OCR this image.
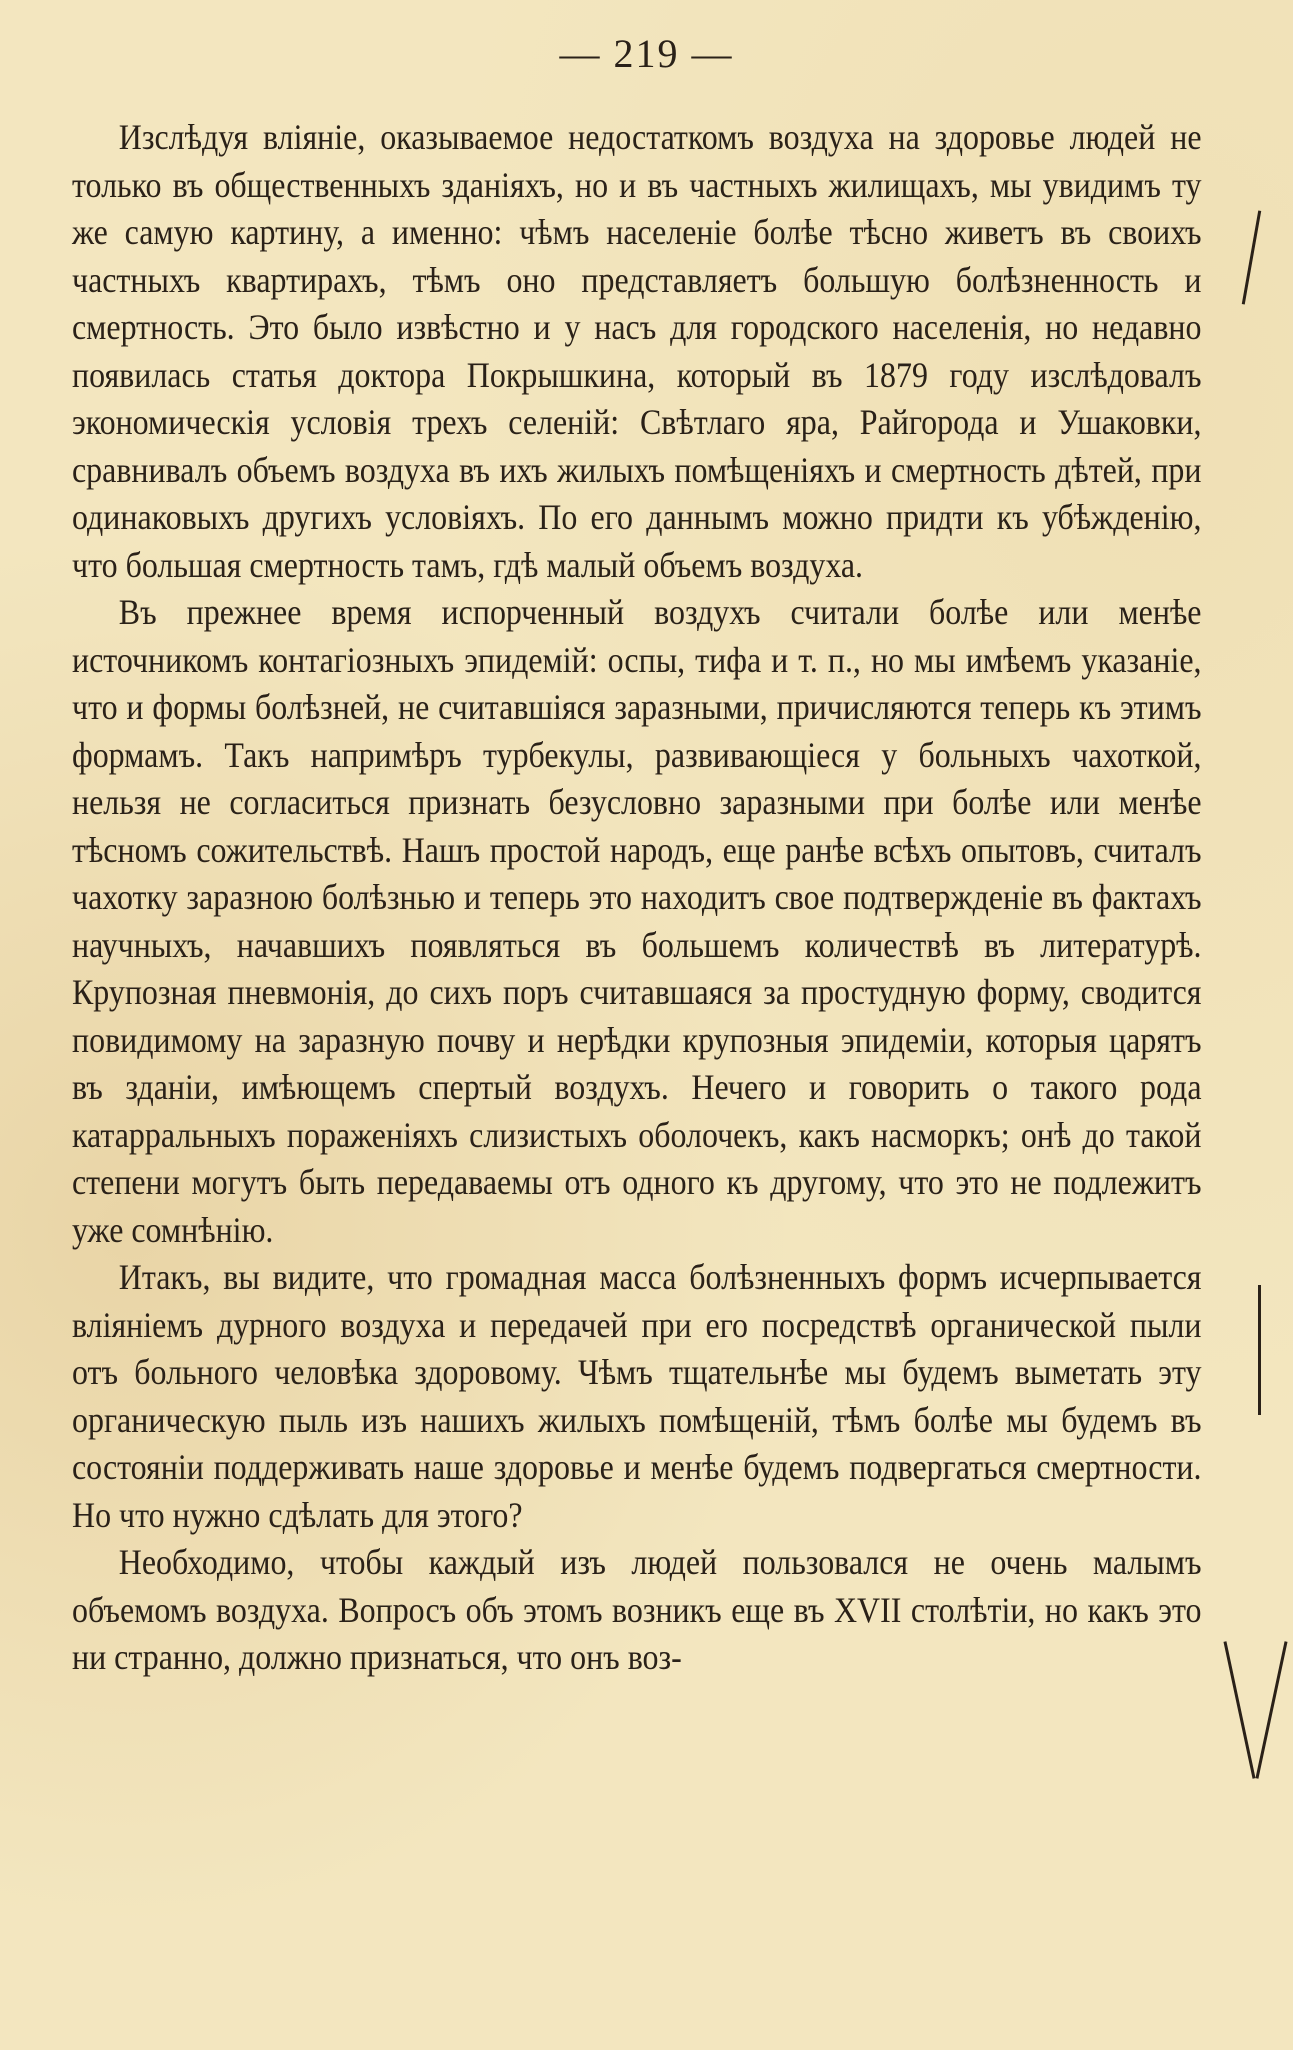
— 219 —

Изслѣдуя вліяніе, оказываемое недостаткомъ воздуха на здоровье людей не только въ общественныхъ зданіяхъ, но и въ частныхъ жилищахъ, мы увидимъ ту же самую картину, а именно: чѣмъ населеніе болѣе тѣсно живетъ въ своихъ частныхъ квартирахъ, тѣмъ оно представляетъ большую болѣзненность и смертность. Это было извѣстно и у насъ для городского населенія, но недавно появилась статья доктора Покрышкина, который въ 1879 году изслѣдовалъ экономическія условія трехъ селеній: Свѣтлаго яра, Райгорода и Ушаковки, сравнивалъ объемъ воздуха въ ихъ жилыхъ помѣщеніяхъ и смертность дѣтей, при одинаковыхъ другихъ условіяхъ. По его даннымъ можно придти къ убѣжденію, что большая смертность тамъ, гдѣ малый объемъ воздуха.

Въ прежнее время испорченный воздухъ считали болѣе или менѣе источникомъ контагіозныхъ эпидемій: оспы, тифа и т. п., но мы имѣемъ указаніе, что и формы болѣзней, не считавшіяся заразными, причисляются теперь къ этимъ формамъ. Такъ напримѣръ турбекулы, развивающіеся у больныхъ чахоткой, нельзя не согласиться признать безусловно заразными при болѣе или менѣе тѣсномъ сожительствѣ. Нашъ простой народъ, еще ранѣе всѣхъ опытовъ, считалъ чахотку заразною болѣзнью и теперь это находитъ свое подтвержденіе въ фактахъ научныхъ, начавшихъ появляться въ большемъ количествѣ въ литературѣ. Крупозная пневмонія, до сихъ поръ считавшаяся за простудную форму, сводится повидимому на заразную почву и нерѣдки крупозныя эпидеміи, которыя царятъ въ зданіи, имѣющемъ спертый воздухъ. Нечего и говорить о такого рода катарральныхъ пораженіяхъ слизистыхъ оболочекъ, какъ насморкъ; онѣ до такой степени могутъ быть передаваемы отъ одного къ другому, что это не подлежитъ уже сомнѣнію.

Итакъ, вы видите, что громадная масса болѣзненныхъ формъ исчерпывается вліяніемъ дурного воздуха и передачей при его посредствѣ органической пыли отъ больного человѣка здоровому. Чѣмъ тщательнѣе мы будемъ выметать эту органическую пыль изъ нашихъ жилыхъ помѣщеній, тѣмъ болѣе мы будемъ въ состояніи поддерживать наше здоровье и менѣе будемъ подвергаться смертности. Но что нужно сдѣлать для этого?

Необходимо, чтобы каждый изъ людей пользовался не очень малымъ объемомъ воздуха. Вопросъ объ этомъ возникъ еще въ XVII столѣтіи, но какъ это ни странно, должно признаться, что онъ воз-
